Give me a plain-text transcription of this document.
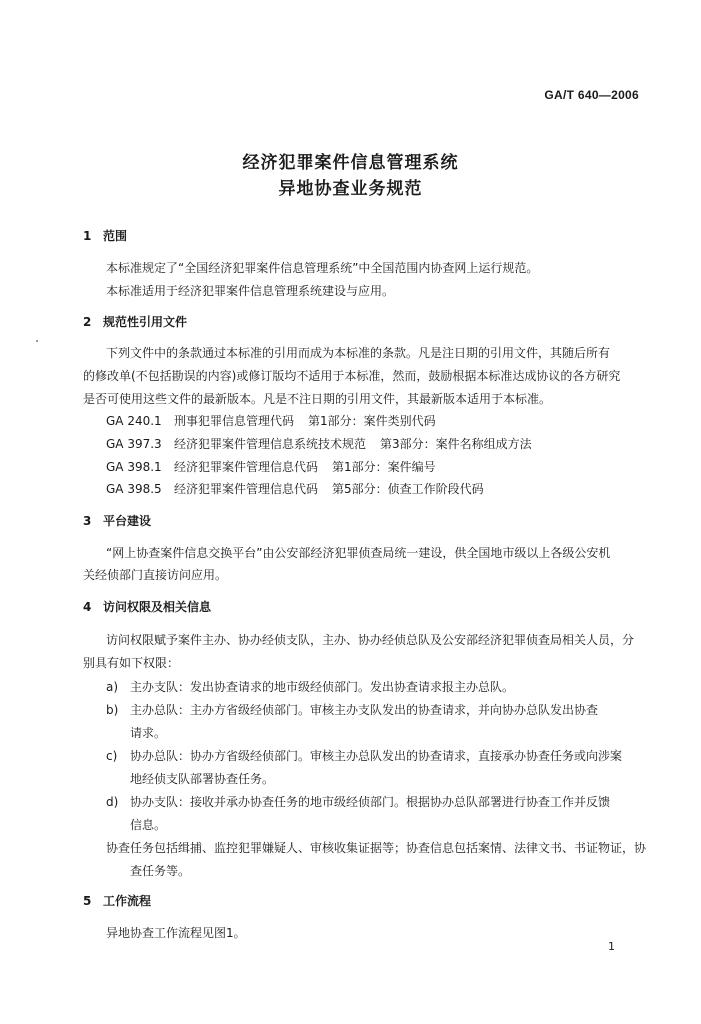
GA/T 640—2006
经济犯罪案件信息管理系统
异地协查业务规范
1 范围
本标准规定了“全国经济犯罪案件信息管理系统”中全国范围内协查网上运行规范。
本标准适用于经济犯罪案件信息管理系统建设与应用。
2 规范性引用文件
下列文件中的条款通过本标准的引用而成为本标准的条款。凡是注日期的引用文件，其随后所有
的修改单(不包括勘误的内容)或修订版均不适用于本标准，然而，鼓励根据本标准达成协议的各方研究
是否可使用这些文件的最新版本。凡是不注日期的引用文件，其最新版本适用于本标准。
GA 240.1 刑事犯罪信息管理代码 第1部分：案件类别代码
GA 397.3 经济犯罪案件管理信息系统技术规范 第3部分：案件名称组成方法
GA 398.1 经济犯罪案件管理信息代码 第1部分：案件编号
GA 398.5 经济犯罪案件管理信息代码 第5部分：侦查工作阶段代码
3 平台建设
“网上协查案件信息交换平台”由公安部经济犯罪侦查局统一建设，供全国地市级以上各级公安机
关经侦部门直接访问应用。
4 访问权限及相关信息
访问权限赋予案件主办、协办经侦支队，主办、协办经侦总队及公安部经济犯罪侦查局相关人员，分
别具有如下权限：
a) 主办支队：发出协查请求的地市级经侦部门。发出协查请求报主办总队。
b) 主办总队：主办方省级经侦部门。审核主办支队发出的协查请求，并向协办总队发出协查
请求。
c) 协办总队：协办方省级经侦部门。审核主办总队发出的协查请求，直接承办协查任务或向涉案
地经侦支队部署协查任务。
d) 协办支队：接收并承办协查任务的地市级经侦部门。根据协办总队部署进行协查工作并反馈
信息。
协查任务包括缉捕、监控犯罪嫌疑人、审核收集证据等；协查信息包括案情、法律文书、书证物证，协
查任务等。
5 工作流程
异地协查工作流程见图1。
1
